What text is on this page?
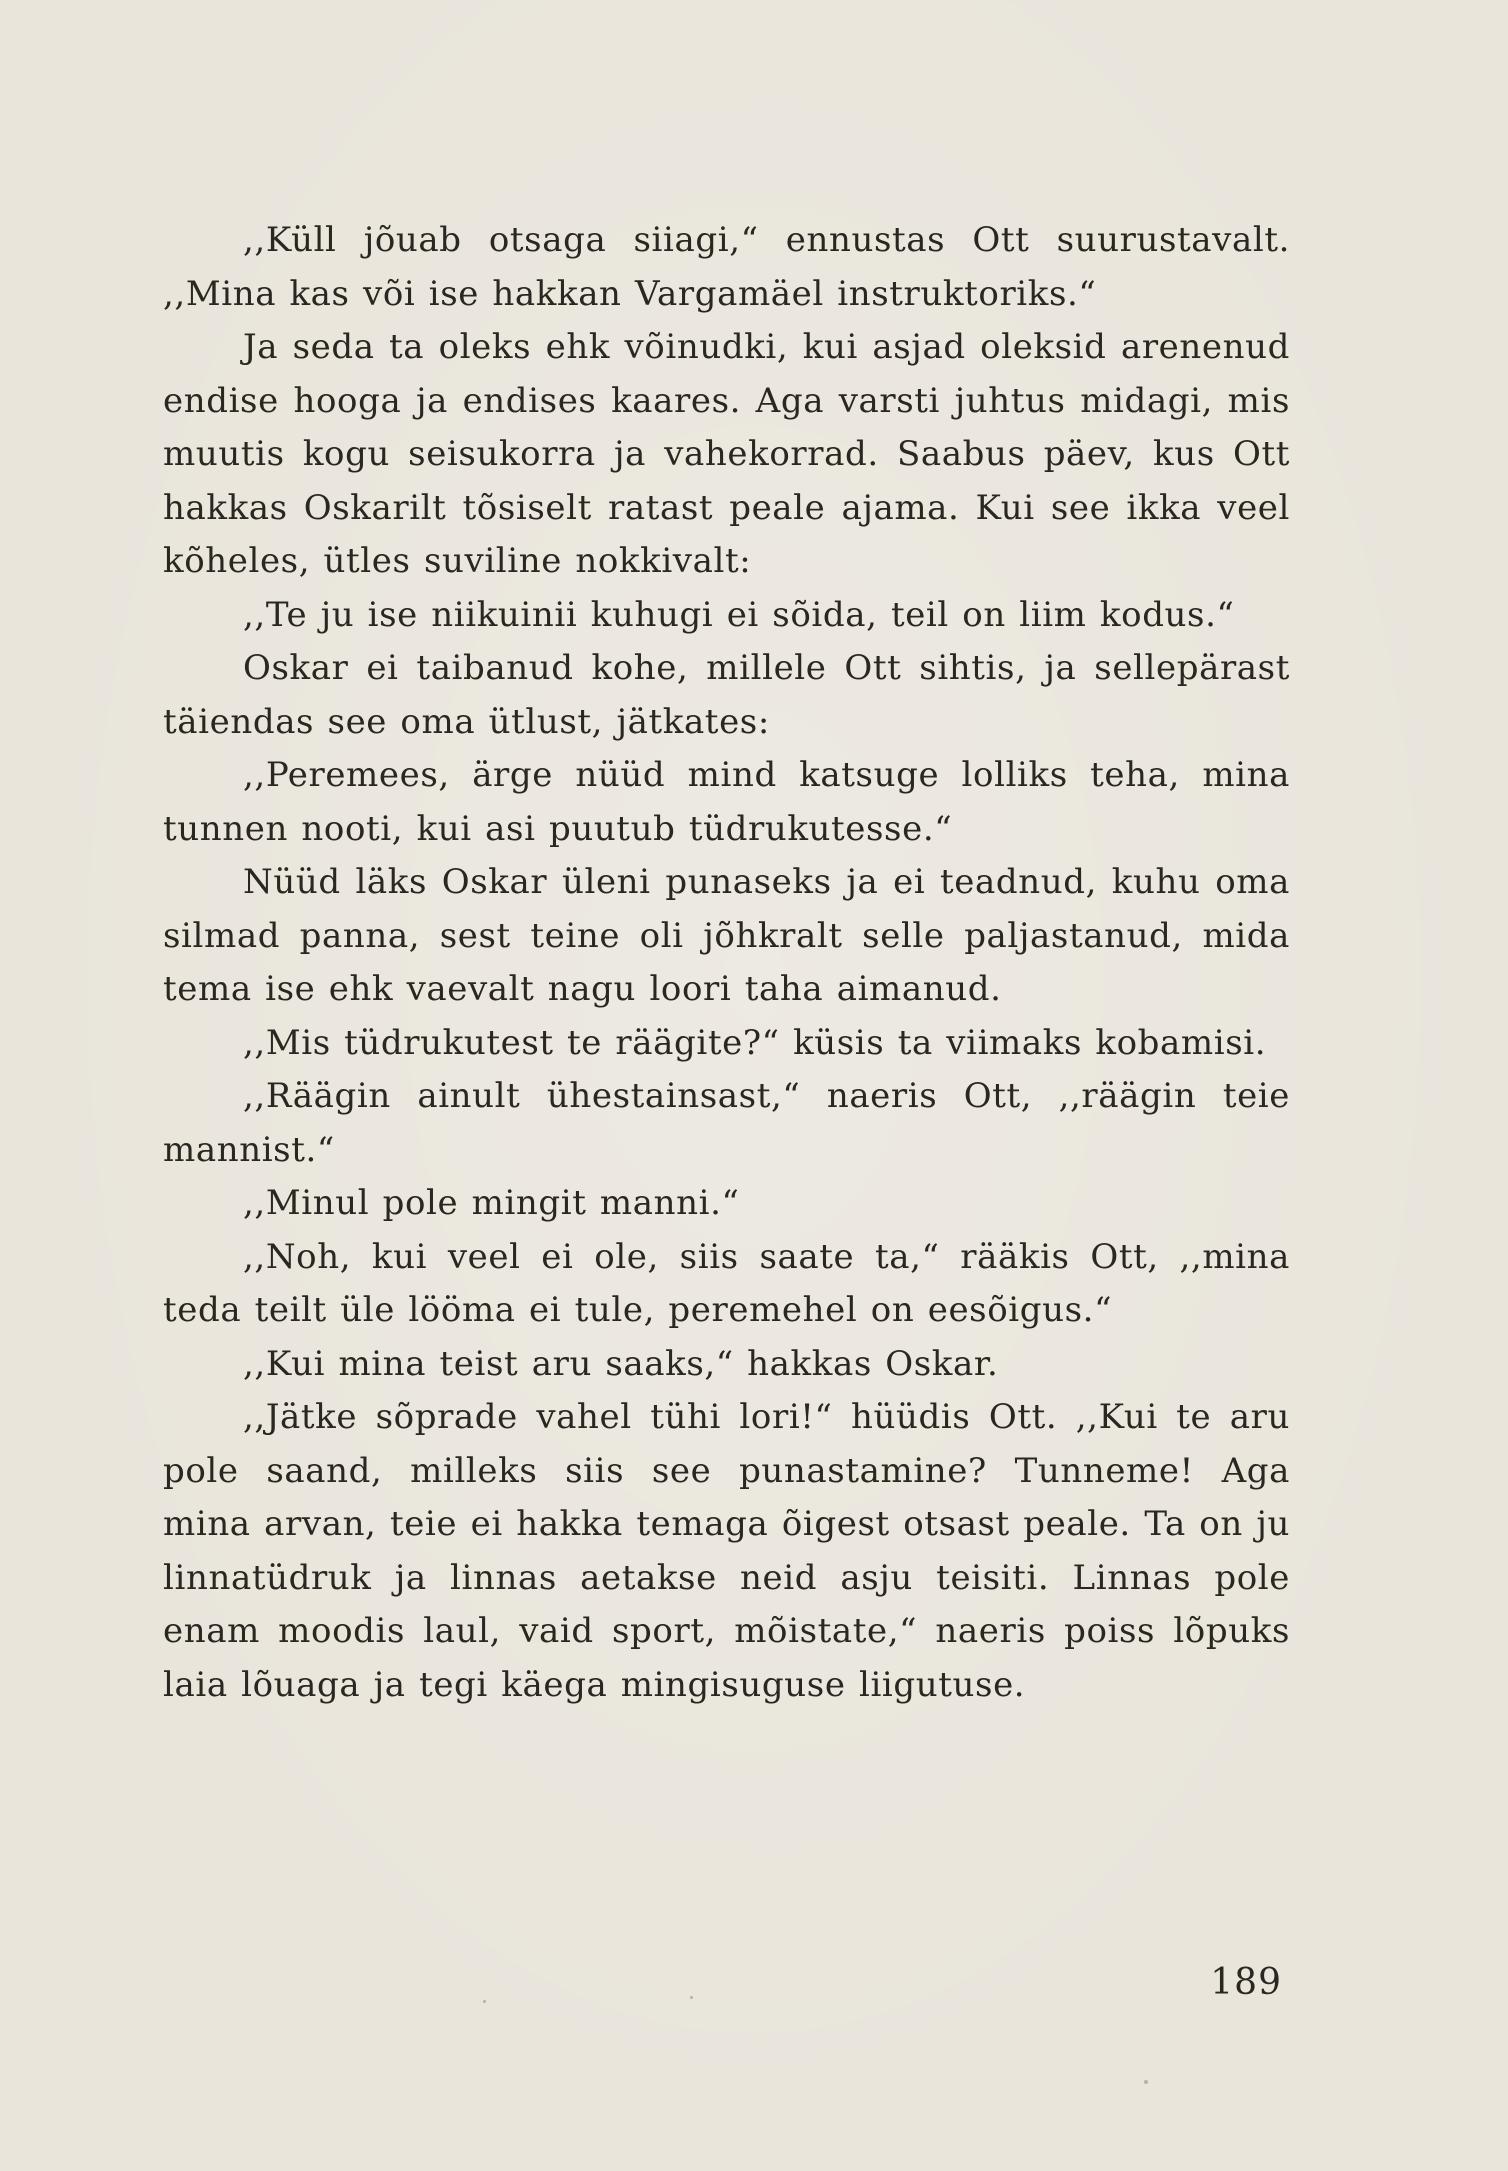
,,Küll jõuab otsaga siiagi,“ ennustas Ott suurustavalt. ,,Mina kas või ise hakkan Vargamäel instruktoriks.“

Ja seda ta oleks ehk võinudki, kui asjad oleksid arenenud endise hooga ja endises kaares. Aga varsti juhtus midagi, mis muutis kogu seisukorra ja vahekorrad. Saabus päev, kus Ott hakkas Oskarilt tõsiselt ratast peale ajama. Kui see ikka veel kõheles, ütles suviline nokkivalt:

,,Te ju ise niikuinii kuhugi ei sõida, teil on liim kodus.“

Oskar ei taibanud kohe, millele Ott sihtis, ja sellepärast täiendas see oma ütlust, jätkates:

,,Peremees, ärge nüüd mind katsuge lolliks teha, mina tunnen nooti, kui asi puutub tüdrukutesse.“

Nüüd läks Oskar üleni punaseks ja ei teadnud, kuhu oma silmad panna, sest teine oli jõhkralt selle paljastanud, mida tema ise ehk vaevalt nagu loori taha aimanud.

,,Mis tüdrukutest te räägite?“ küsis ta viimaks kobamisi.

,,Räägin ainult ühestainsast,“ naeris Ott, ,,räägin teie mannist.“

,,Minul pole mingit manni.“

,,Noh, kui veel ei ole, siis saate ta,“ rääkis Ott, ,,mina teda teilt üle lööma ei tule, peremehel on eesõigus.“

,,Kui mina teist aru saaks,“ hakkas Oskar.

,,Jätke sõprade vahel tühi lori!“ hüüdis Ott. ,,Kui te aru pole saand, milleks siis see punastamine? Tunneme! Aga mina arvan, teie ei hakka temaga õigest otsast peale. Ta on ju linnatüdruk ja linnas aetakse neid asju teisiti. Linnas pole enam moodis laul, vaid sport, mõistate,“ naeris poiss lõpuks laia lõuaga ja tegi käega mingisuguse liigutuse.

189
